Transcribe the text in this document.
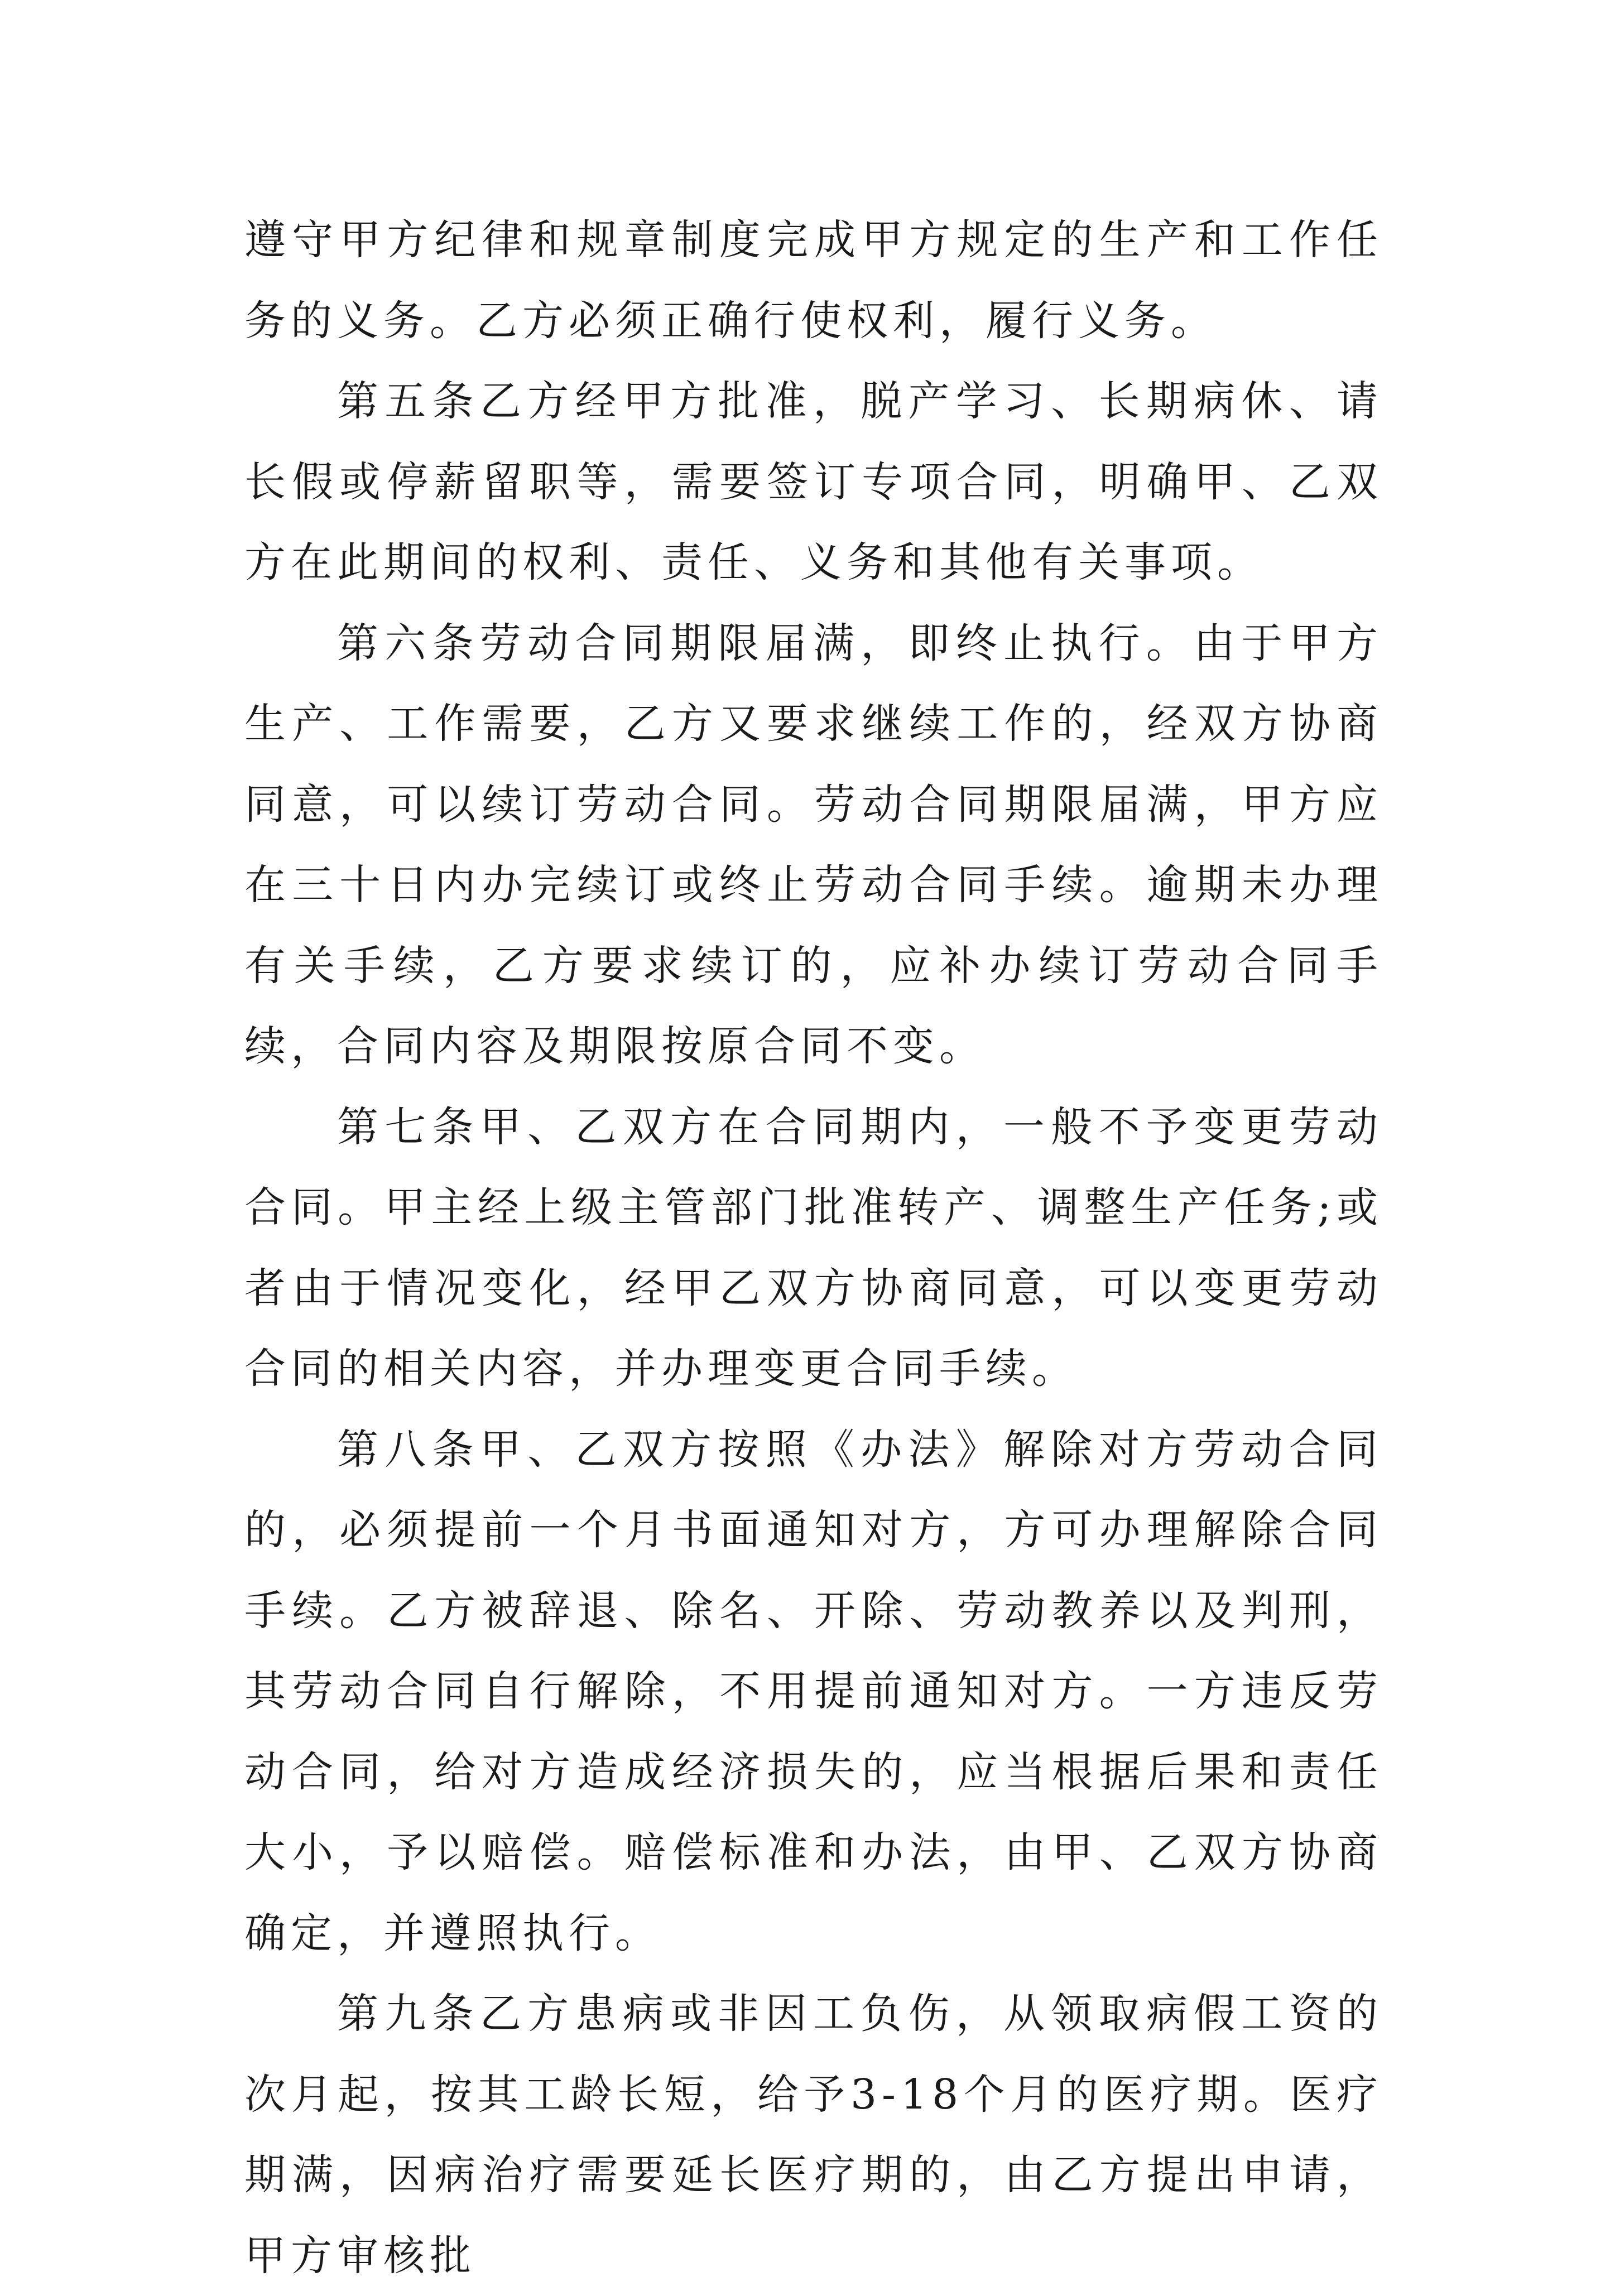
遵守甲方纪律和规章制度完成甲方规定的生产和工作任务的义务。乙方必须正确行使权利，履行义务。

第五条乙方经甲方批准，脱产学习、长期病休、请长假或停薪留职等，需要签订专项合同，明确甲、乙双方在此期间的权利、责任、义务和其他有关事项。

第六条劳动合同期限届满，即终止执行。由于甲方生产、工作需要，乙方又要求继续工作的，经双方协商同意，可以续订劳动合同。劳动合同期限届满，甲方应在三十日内办完续订或终止劳动合同手续。逾期未办理有关手续，乙方要求续订的，应补办续订劳动合同手续，合同内容及期限按原合同不变。

第七条甲、乙双方在合同期内，一般不予变更劳动合同。甲主经上级主管部门批准转产、调整生产任务;或者由于情况变化，经甲乙双方协商同意，可以变更劳动合同的相关内容，并办理变更合同手续。

第八条甲、乙双方按照《办法》解除对方劳动合同的，必须提前一个月书面通知对方，方可办理解除合同手续。乙方被辞退、除名、开除、劳动教养以及判刑，其劳动合同自行解除，不用提前通知对方。一方违反劳动合同，给对方造成经济损失的，应当根据后果和责任大小，予以赔偿。赔偿标准和办法，由甲、乙双方协商确定，并遵照执行。

第九条乙方患病或非因工负伤，从领取病假工资的次月起，按其工龄长短，给予3-18个月的医疗期。医疗期满，因病治疗需要延长医疗期的，由乙方提出申请，甲方审核批
